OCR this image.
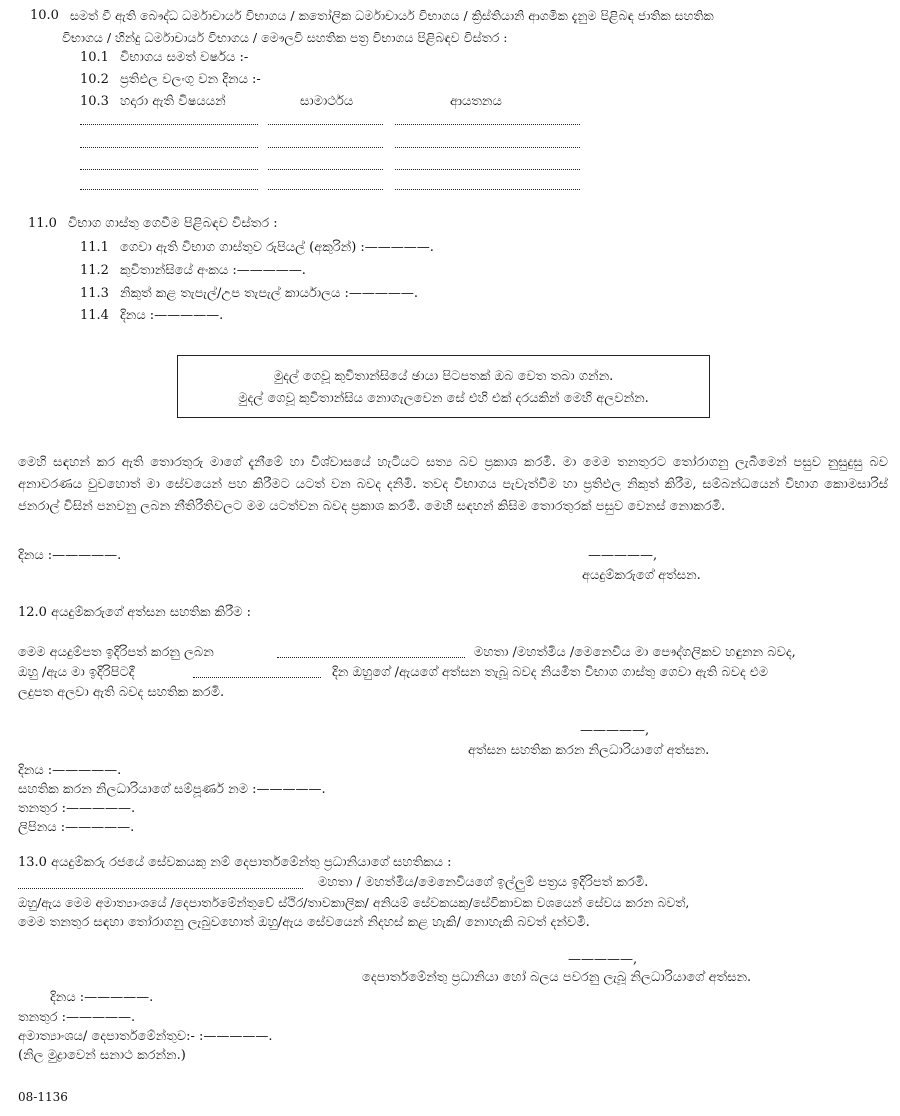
10.0 සමත් වී ඇති බෞද්ධ ධර්මාචාර්ය විභාගය / කතෝලික ධර්මාචාර්ය විභාගය / ක්‍රිස්තියානි ආගමික දැනුම පිළිබඳ ජාතික සහතික
විභාගය / හින්දු ධර්මාචාර්ය විභාගය / මෞලවි සහතික පත්‍ර විභාගය පිළිබඳව විස්තර :
10.1 විභාගය සමත් වර්ෂය :-
10.2 ප්‍රතිඵල වලංගු වන දිනය :-
10.3 හදාරා ඇති විෂයයන්	සාමාර්ථය	ආයතනය
11.0 විභාග ගාස්තු ගෙවීම පිළිබඳව විස්තර :
11.1 ගෙවා ඇති විභාග ගාස්තුව රුපියල් (අකුරින්) :—————.
11.2 කුවිතාන්සියේ අංකය :—————.
11.3 නිකුත් කළ තැපැල්/උප තැපැල් කාර්යාලය :—————.
11.4 දිනය :—————.
මුදල් ගෙවූ කුවිතාන්සියේ ඡායා පිටපතක් ඔබ වෙත තබා ගන්න.
මුදල් ගෙවූ කුවිතාන්සිය නොගැලවෙන සේ එහි එක් දරයකින් මෙහි අලවන්න.
මෙහි සඳහන් කර ඇති තොරතුරු මාගේ දැනීමේ හා විශ්වාසයේ හැටියට සත්‍ය බව ප්‍රකාශ කරමි. මා මෙම තනතුරට තෝරාගනු ලැබීමෙන් පසුව නුසුදුසු බව අනාවරණය වුවහොත් මා සේවයෙන් පහ කිරීමට යටත් වන බවද දනිමි. තවද විභාගය පැවැත්වීම හා ප්‍රතිඵල නිකුත් කිරීම, සම්බන්ධයෙන් විභාග කොමසාරිස් ජනරාල් විසින් පනවනු ලබන නීතිරීතිවලට මම යටත්වන බවද ප්‍රකාශ කරමි. මෙහි සඳහන් කිසිම තොරතුරක් පසුව වෙනස් නොකරමි.
දිනය :—————.	—————,
අයදුම්කරුගේ අත්සන.
12.0 අයදුම්කරුගේ අත්සන සහතික කිරීම :
මෙම අයදුම්පත ඉදිරිපත් කරනු ලබන	මහතා /මහත්මිය /මෙනෙවිය මා පෞද්ගලිකව හඳුනන බවද,
ඔහු /ඇය මා ඉදිරිපිටදී	දින ඔහුගේ /ඇයගේ අත්සන තැබූ බවද නියමිත විභාග ගාස්තු ගෙවා ඇති බවද එම
ලදුපත අලවා ඇති බවද සහතික කරමි.
—————,
අත්සන සහතික කරන නිලධාරියාගේ අත්සන.
දිනය :—————.
සහතික කරන නිලධාරියාගේ සම්පූර්ණ නම :—————.
තනතුර :—————.
ලිපිනය :—————.
13.0 අයදුම්කරු රජයේ සේවකයකු නම් දෙපාර්තමේන්තු ප්‍රධානියාගේ සහතිකය :
මහතා / මහත්මිය/මෙනෙවියගේ ඉල්ලුම් පත්‍රය ඉදිරිපත් කරමි.
ඔහු/ඇය මෙම අමාත්‍යාංශයේ /දෙපාර්තමේන්තුවේ ස්ථිර/තාවකාලික/ අනියම් සේවකයකු/සේවිකාවක වශයෙන් සේවය කරන බවත්,
මෙම තනතුර සඳහා තෝරාගනු ලැබුවහොත් ඔහු/ඇය සේවයෙන් නිදහස් කළ හැකි/ නොහැකි බවත් දන්වමි.
—————,
දෙපාර්තමේන්තු ප්‍රධානියා හෝ බලය පවරනු ලැබූ නිලධාරියාගේ අත්සන.
දිනය :—————.
තනතුර :—————.
අමාත්‍යාංශය/ දෙපාර්තමේන්තුව:- :—————.
(නිල මුද්‍රාවෙන් සනාථ කරන්න.)
08-1136
